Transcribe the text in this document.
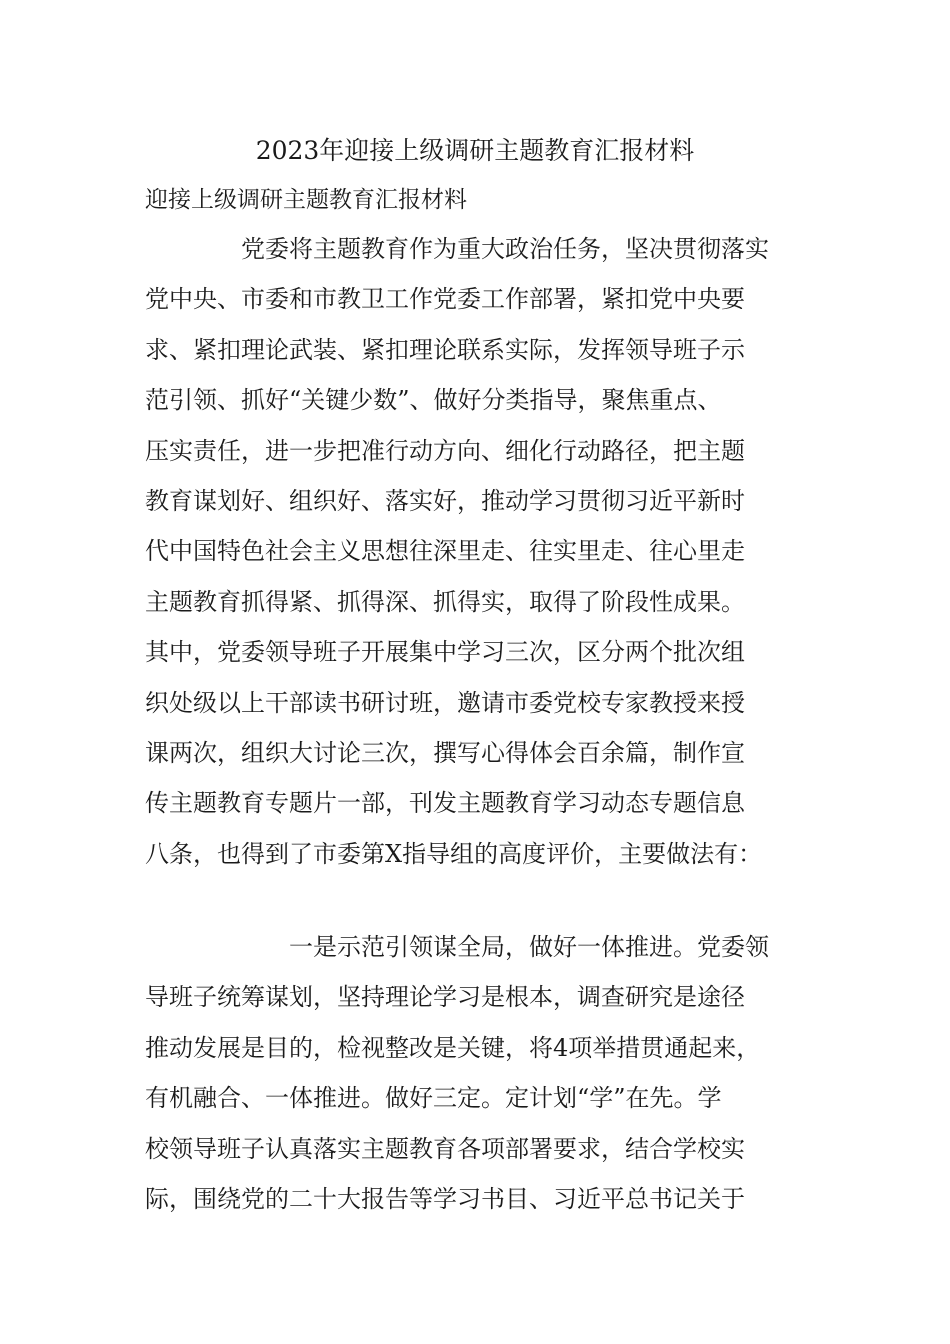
2023年迎接上级调研主题教育汇报材料
迎接上级调研主题教育汇报材料
　　　　党委将主题教育作为重大政治任务，坚决贯彻落实
党中央、市委和市教卫工作党委工作部署，紧扣党中央要
求、紧扣理论武装、紧扣理论联系实际，发挥领导班子示
范引领、抓好“关键少数”、做好分类指导，聚焦重点、
压实责任，进一步把准行动方向、细化行动路径，把主题
教育谋划好、组织好、落实好，推动学习贯彻习近平新时
代中国特色社会主义思想往深里走、往实里走、往心里走
主题教育抓得紧、抓得深、抓得实，取得了阶段性成果。
其中，党委领导班子开展集中学习三次，区分两个批次组
织处级以上干部读书研讨班，邀请市委党校专家教授来授
课两次，组织大讨论三次，撰写心得体会百余篇，制作宣
传主题教育专题片一部，刊发主题教育学习动态专题信息
八条，也得到了市委第X指导组的高度评价，主要做法有：
　　　　　　一是示范引领谋全局，做好一体推进。党委领
导班子统筹谋划，坚持理论学习是根本，调查研究是途径
推动发展是目的，检视整改是关键，将4项举措贯通起来，
有机融合、一体推进。做好三定。定计划“学”在先。学
校领导班子认真落实主题教育各项部署要求，结合学校实
际，围绕党的二十大报告等学习书目、习近平总书记关于
